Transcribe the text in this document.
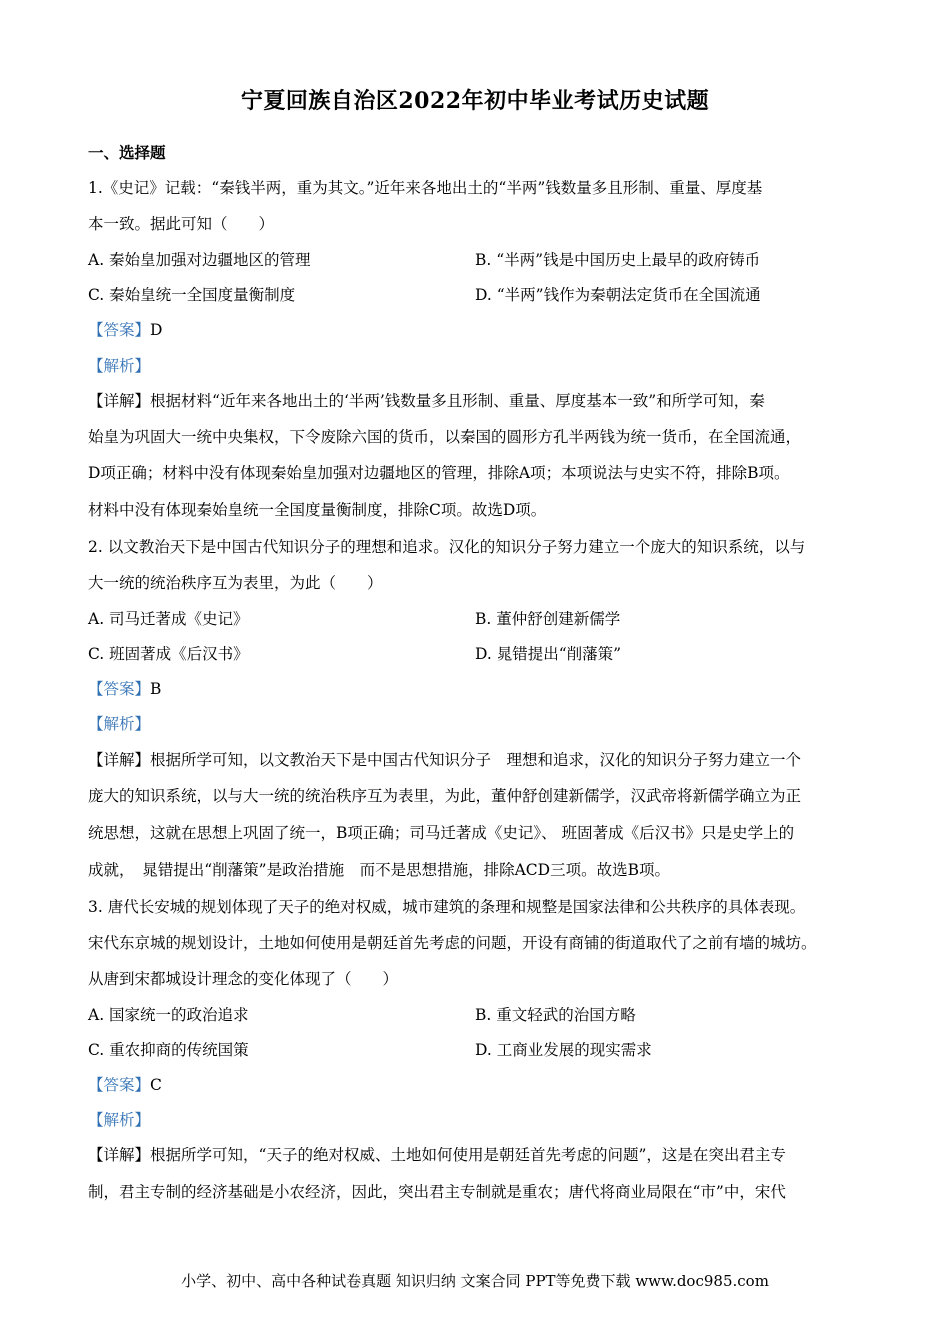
宁夏回族自治区2022年初中毕业考试历史试题
一、选择题
1.《史记》记载：“秦钱半两，重为其文。”近年来各地出土的“半两”钱数量多且形制、重量、厚度基
本一致。据此可知（　　）
A. 秦始皇加强对边疆地区的管理	B. “半两”钱是中国历史上最早的政府铸币
C. 秦始皇统一全国度量衡制度	D. “半两”钱作为秦朝法定货币在全国流通
【答案】D
【解析】
【详解】根据材料“近年来各地出土的‘半两’钱数量多且形制、重量、厚度基本一致”和所学可知，秦
始皇为巩固大一统中央集权，下令废除六国的货币，以秦国的圆形方孔半两钱为统一货币，在全国流通，
D项正确；材料中没有体现秦始皇加强对边疆地区的管理，排除A项；本项说法与史实不符，排除B项。
材料中没有体现秦始皇统一全国度量衡制度，排除C项。故选D项。
2. 以文教治天下是中国古代知识分子的理想和追求。汉化的知识分子努力建立一个庞大的知识系统，以与
大一统的统治秩序互为表里，为此（　　）
A. 司马迁著成《史记》	B. 董仲舒创建新儒学
C. 班固著成《后汉书》	D. 晁错提出“削藩策”
【答案】B
【解析】
【详解】根据所学可知，以文教治天下是中国古代知识分子　理想和追求，汉化的知识分子努力建立一个
庞大的知识系统，以与大一统的统治秩序互为表里，为此，董仲舒创建新儒学，汉武帝将新儒学确立为正
统思想，这就在思想上巩固了统一，B项正确；司马迁著成《史记》、 班固著成《后汉书》只是史学上的
成就，　晁错提出“削藩策”是政治措施　而不是思想措施，排除ACD三项。故选B项。
3. 唐代长安城的规划体现了天子的绝对权威，城市建筑的条理和规整是国家法律和公共秩序的具体表现。
宋代东京城的规划设计，土地如何使用是朝廷首先考虑的问题，开设有商铺的街道取代了之前有墙的城坊。
从唐到宋都城设计理念的变化体现了（　　）
A. 国家统一的政治追求	B. 重文轻武的治国方略
C. 重农抑商的传统国策	D. 工商业发展的现实需求
【答案】C
【解析】
【详解】根据所学可知，“天子的绝对权威、土地如何使用是朝廷首先考虑的问题”，这是在突出君主专
制，君主专制的经济基础是小农经济，因此，突出君主专制就是重农；唐代将商业局限在“市”中，宋代
小学、初中、高中各种试卷真题 知识归纳 文案合同 PPT等免费下载 www.doc985.com
